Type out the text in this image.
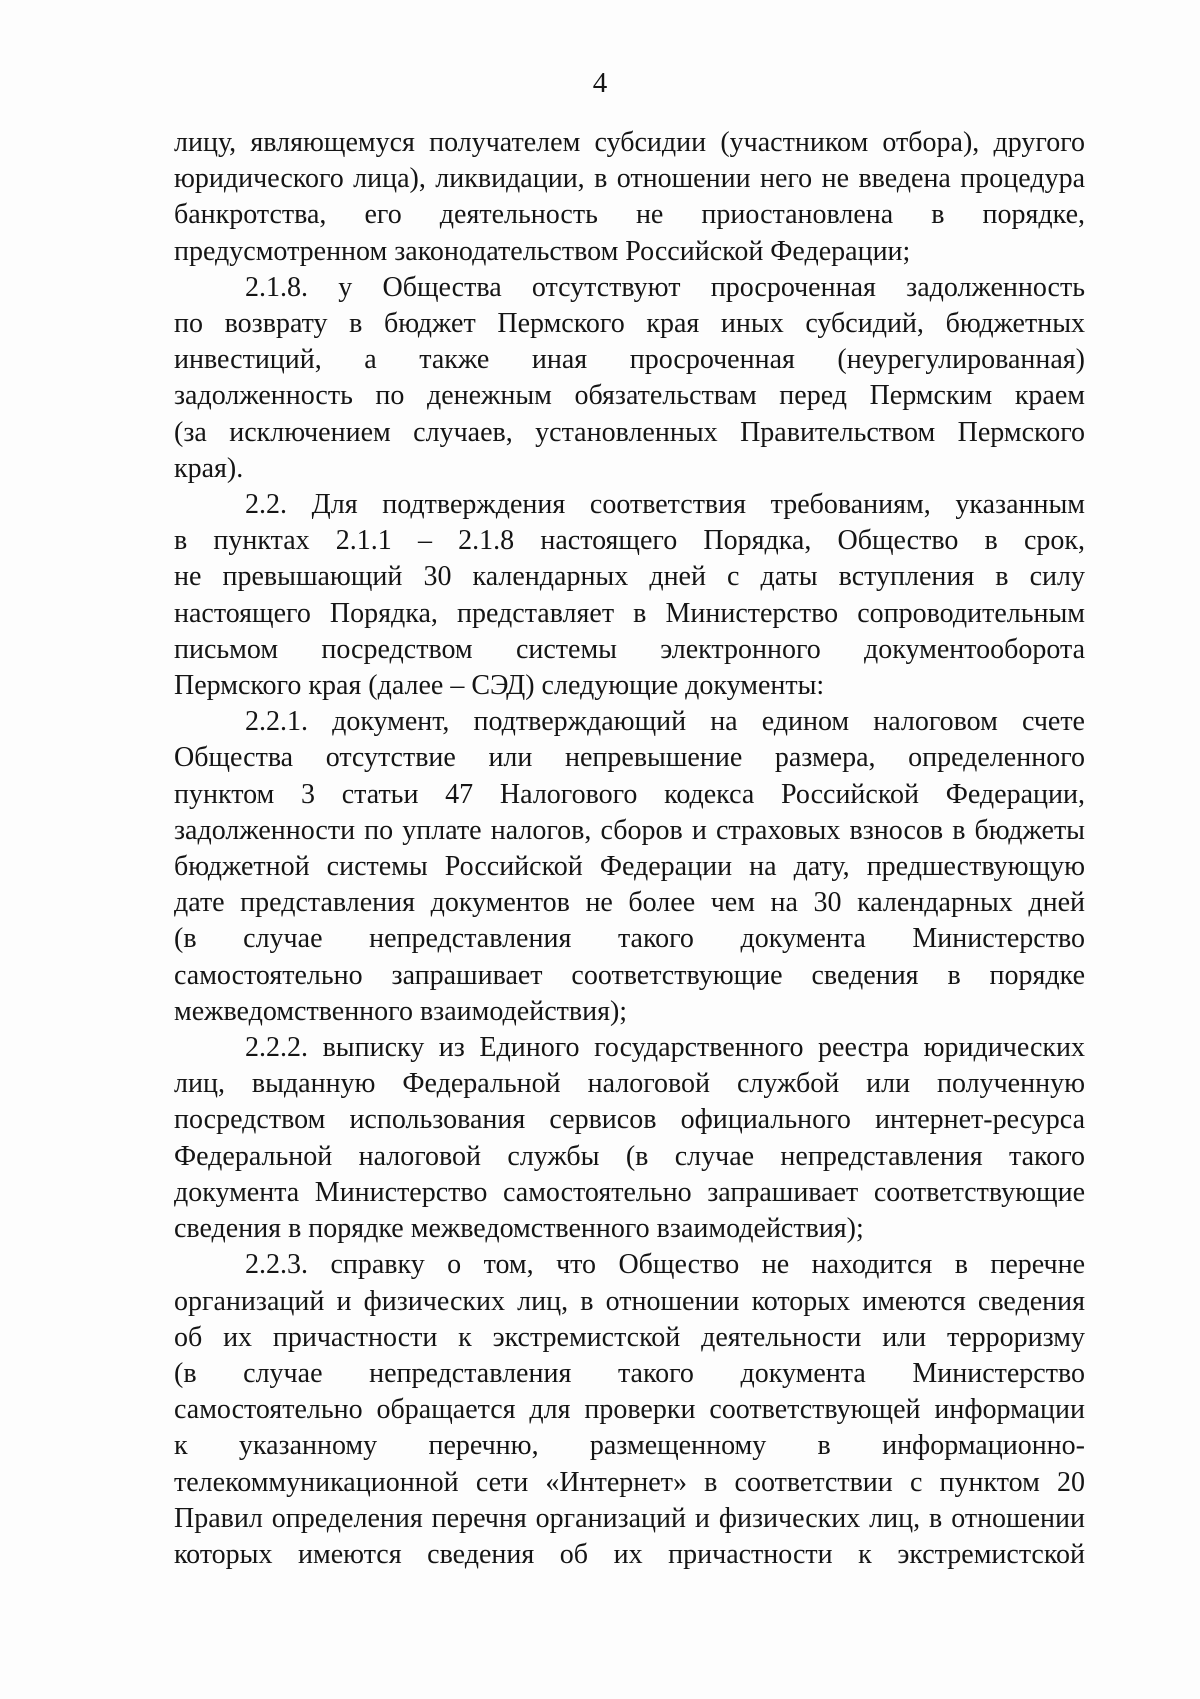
4
лицу, являющемуся получателем субсидии (участником отбора), другого
юридического лица), ликвидации, в отношении него не введена процедура
банкротства, его деятельность не приостановлена в порядке,
предусмотренном законодательством Российской Федерации;
2.1.8. у Общества отсутствуют просроченная задолженность
по возврату в бюджет Пермского края иных субсидий, бюджетных
инвестиций, а также иная просроченная (неурегулированная)
задолженность по денежным обязательствам перед Пермским краем
(за исключением случаев, установленных Правительством Пермского
края).
2.2. Для подтверждения соответствия требованиям, указанным
в пунктах 2.1.1 – 2.1.8 настоящего Порядка, Общество в срок,
не превышающий 30 календарных дней с даты вступления в силу
настоящего Порядка, представляет в Министерство сопроводительным
письмом посредством системы электронного документооборота
Пермского края (далее – СЭД) следующие документы:
2.2.1. документ, подтверждающий на едином налоговом счете
Общества отсутствие или непревышение размера, определенного
пунктом 3 статьи 47 Налогового кодекса Российской Федерации,
задолженности по уплате налогов, сборов и страховых взносов в бюджеты
бюджетной системы Российской Федерации на дату, предшествующую
дате представления документов не более чем на 30 календарных дней
(в случае непредставления такого документа Министерство
самостоятельно запрашивает соответствующие сведения в порядке
межведомственного взаимодействия);
2.2.2. выписку из Единого государственного реестра юридических
лиц, выданную Федеральной налоговой службой или полученную
посредством использования сервисов официального интернет-ресурса
Федеральной налоговой службы (в случае непредставления такого
документа Министерство самостоятельно запрашивает соответствующие
сведения в порядке межведомственного взаимодействия);
2.2.3. справку о том, что Общество не находится в перечне
организаций и физических лиц, в отношении которых имеются сведения
об их причастности к экстремистской деятельности или терроризму
(в случае непредставления такого документа Министерство
самостоятельно обращается для проверки соответствующей информации
к указанному перечню, размещенному в информационно-
телекоммуникационной сети «Интернет» в соответствии с пунктом 20
Правил определения перечня организаций и физических лиц, в отношении
которых имеются сведения об их причастности к экстремистской
